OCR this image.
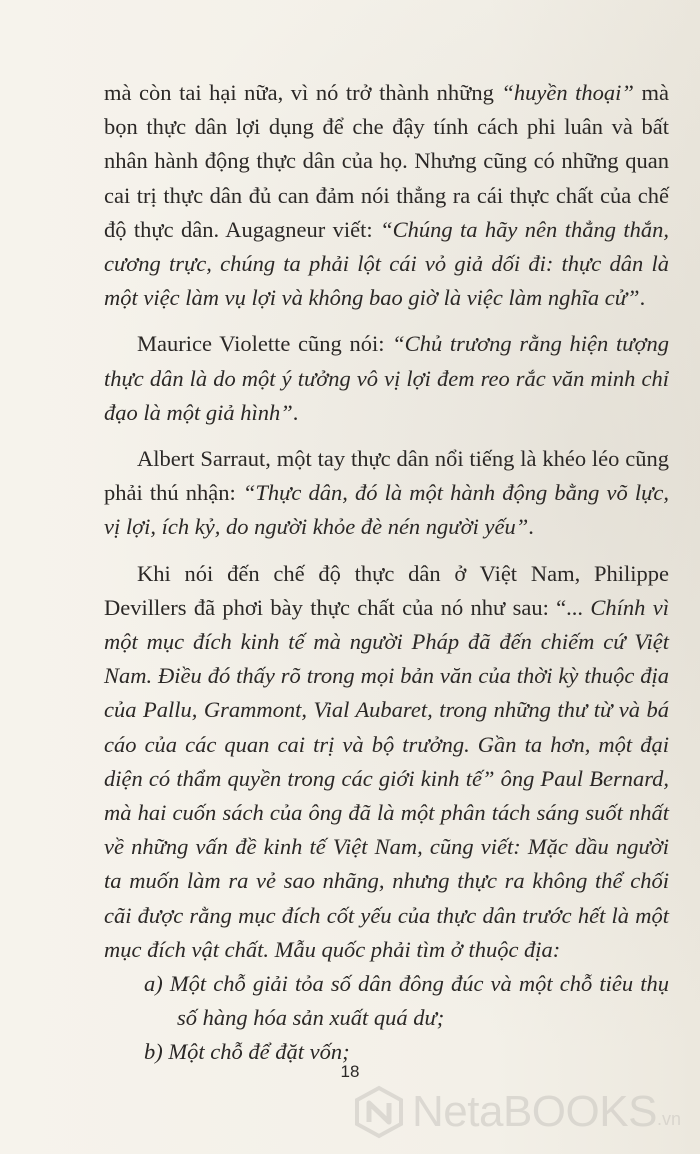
mà còn tai hại nữa, vì nó trở thành những “huyền thoại” mà bọn thực dân lợi dụng để che đậy tính cách phi luân và bất nhân hành động thực dân của họ. Nhưng cũng có những quan cai trị thực dân đủ can đảm nói thẳng ra cái thực chất của chế độ thực dân. Augagneur viết: “Chúng ta hãy nên thẳng thắn, cương trực, chúng ta phải lột cái vỏ giả dối đi: thực dân là một việc làm vụ lợi và không bao giờ là việc làm nghĩa cử”.

Maurice Violette cũng nói: “Chủ trương rằng hiện tượng thực dân là do một ý tưởng vô vị lợi đem reo rắc văn minh chỉ đạo là một giả hình”.

Albert Sarraut, một tay thực dân nổi tiếng là khéo léo cũng phải thú nhận: “Thực dân, đó là một hành động bằng võ lực, vị lợi, ích kỷ, do người khỏe đè nén người yếu”.

Khi nói đến chế độ thực dân ở Việt Nam, Philippe Devillers đã phơi bày thực chất của nó như sau: “... Chính vì một mục đích kinh tế mà người Pháp đã đến chiếm cứ Việt Nam. Điều đó thấy rõ trong mọi bản văn của thời kỳ thuộc địa của Pallu, Grammont, Vial Aubaret, trong những thư từ và bá cáo của các quan cai trị và bộ trưởng. Gần ta hơn, một đại diện có thẩm quyền trong các giới kinh tế” ông Paul Bernard, mà hai cuốn sách của ông đã là một phân tách sáng suốt nhất về những vấn đề kinh tế Việt Nam, cũng viết: Mặc dầu người ta muốn làm ra vẻ sao nhãng, nhưng thực ra không thể chối cãi được rằng mục đích cốt yếu của thực dân trước hết là một mục đích vật chất. Mẫu quốc phải tìm ở thuộc địa:

a) Một chỗ giải tỏa số dân đông đúc và một chỗ tiêu thụ số hàng hóa sản xuất quá dư;

b) Một chỗ để đặt vốn;

18
NetaBOOKS .vn
